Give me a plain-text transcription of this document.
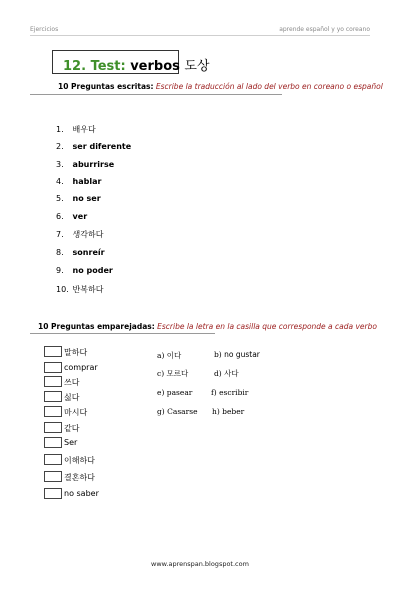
Ejercicios	aprende español y yo coreano
12. Test: verbos 도상
10 Preguntas escritas: Escribe la traducción al lado del verbo en coreano o español
1. 배우다
2. ser diferente
3. aburrirse
4. hablar
5. no ser
6. ver
7. 생각하다
8. sonreír
9. no poder
10. 반복하다
10 Preguntas emparejadas: Escribe la letra en la casilla que corresponde a cada verbo
말하다
comprar
쓰다
싫다
마시다
같다
Ser
이해하다
결혼하다
no saber
a) 이다	b) no gustar
c) 모르다	d) 사다
e) pasear f) escribir
g) Casarse h) beber
www.aprenspan.blogspot.com
